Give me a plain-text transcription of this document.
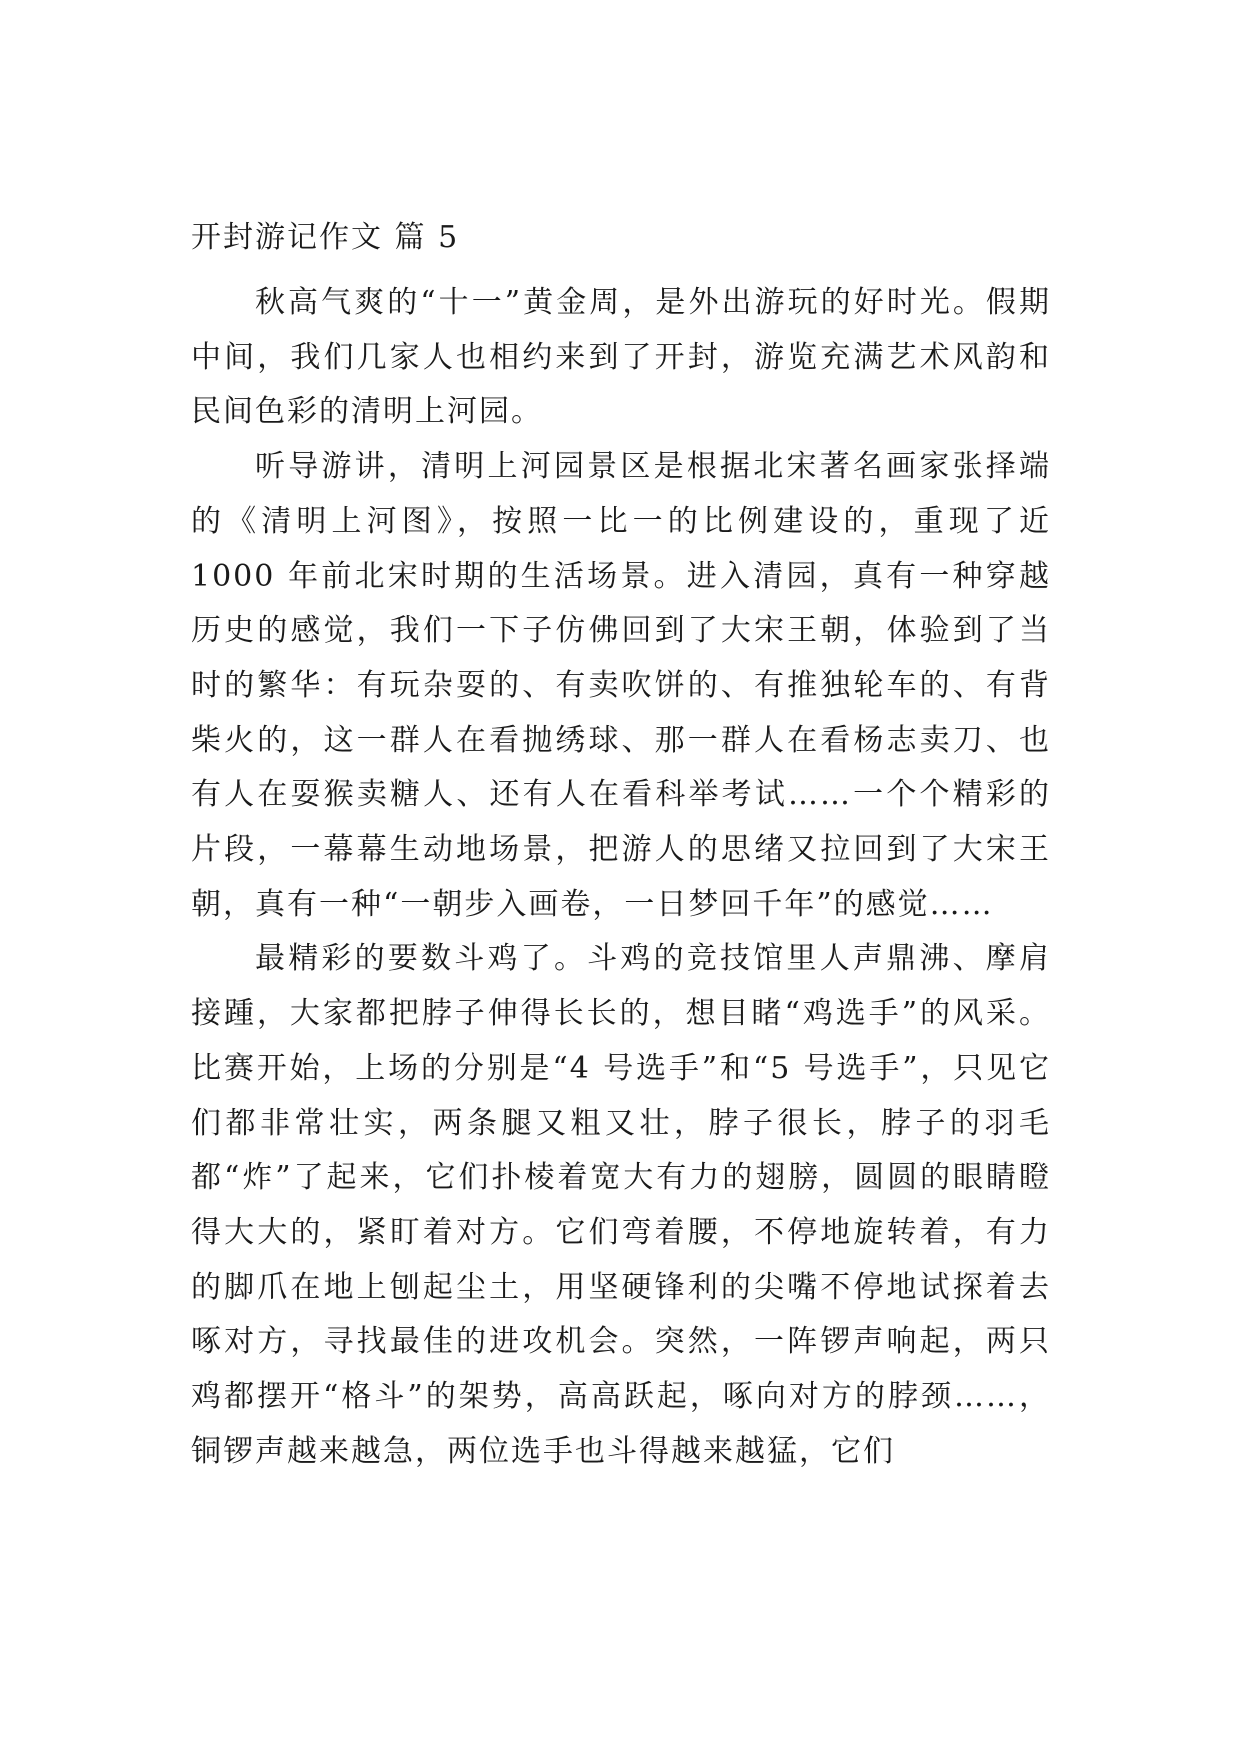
开封游记作文 篇 5

秋高气爽的“十一”黄金周，是外出游玩的好时光。假期中间，我们几家人也相约来到了开封，游览充满艺术风韵和民间色彩的清明上河园。

听导游讲，清明上河园景区是根据北宋著名画家张择端的《清明上河图》，按照一比一的比例建设的，重现了近 1000 年前北宋时期的生活场景。进入清园，真有一种穿越历史的感觉，我们一下子仿佛回到了大宋王朝，体验到了当时的繁华：有玩杂耍的、有卖吹饼的、有推独轮车的、有背柴火的，这一群人在看抛绣球、那一群人在看杨志卖刀、也有人在耍猴卖糖人、还有人在看科举考试……一个个精彩的片段，一幕幕生动地场景，把游人的思绪又拉回到了大宋王朝，真有一种“一朝步入画卷，一日梦回千年”的感觉……

最精彩的要数斗鸡了。斗鸡的竞技馆里人声鼎沸、摩肩接踵，大家都把脖子伸得长长的，想目睹“鸡选手”的风采。比赛开始，上场的分别是“4 号选手”和“5 号选手”，只见它们都非常壮实，两条腿又粗又壮，脖子很长，脖子的羽毛都“炸”了起来，它们扑棱着宽大有力的翅膀，圆圆的眼睛瞪得大大的，紧盯着对方。它们弯着腰，不停地旋转着，有力的脚爪在地上刨起尘土，用坚硬锋利的尖嘴不停地试探着去啄对方，寻找最佳的进攻机会。突然，一阵锣声响起，两只鸡都摆开“格斗”的架势，高高跃起，啄向对方的脖颈……，铜锣声越来越急，两位选手也斗得越来越猛，它们
